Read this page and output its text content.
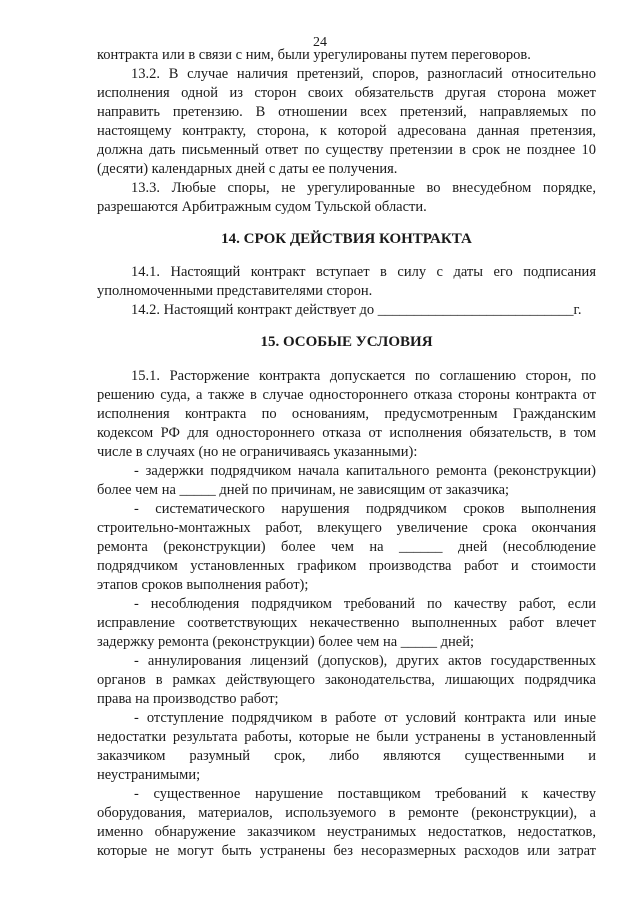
24
контракта или в связи с ним, были урегулированы путем переговоров.
13.2. В случае наличия претензий, споров, разногласий относительно
исполнения одной из сторон своих обязательств другая сторона может
направить претензию. В отношении всех претензий, направляемых по
настоящему контракту, сторона, к которой адресована данная претензия,
должна дать письменный ответ по существу претензии в срок не позднее 10
(десяти) календарных дней с даты ее получения.
13.3. Любые споры, не урегулированные во внесудебном порядке,
разрешаются Арбитражным судом Тульской области.
14. СРОК ДЕЙСТВИЯ КОНТРАКТА
14.1. Настоящий контракт вступает в силу с даты его подписания
уполномоченными представителями сторон.
14.2. Настоящий контракт действует до ___________________________г.
15. ОСОБЫЕ УСЛОВИЯ
15.1. Расторжение контракта допускается по соглашению сторон, по
решению суда, а также в случае одностороннего отказа стороны контракта от
исполнения контракта по основаниям, предусмотренным Гражданским
кодексом РФ для одностороннего отказа от исполнения обязательств, в том
числе в случаях (но не ограничиваясь указанными):
- задержки подрядчиком начала капитального ремонта (реконструкции)
более чем на _____ дней по причинам, не зависящим от заказчика;
- систематического нарушения подрядчиком сроков выполнения
строительно-монтажных работ, влекущего увеличение срока окончания
ремонта (реконструкции) более чем на ______ дней (несоблюдение
подрядчиком установленных графиком производства работ и стоимости
этапов сроков выполнения работ);
- несоблюдения подрядчиком требований по качеству работ, если
исправление соответствующих некачественно выполненных работ влечет
задержку ремонта (реконструкции) более чем на _____ дней;
- аннулирования лицензий (допусков), других актов государственных
органов в рамках действующего законодательства, лишающих подрядчика
права на производство работ;
- отступление подрядчиком в работе от условий контракта или иные
недостатки результата работы, которые не были устранены в установленный
заказчиком разумный срок, либо являются существенными и
неустранимыми;
- существенное нарушение поставщиком требований к качеству
оборудования, материалов, используемого в ремонте (реконструкции), а
именно обнаружение заказчиком неустранимых недостатков, недостатков,
которые не могут быть устранены без несоразмерных расходов или затрат
